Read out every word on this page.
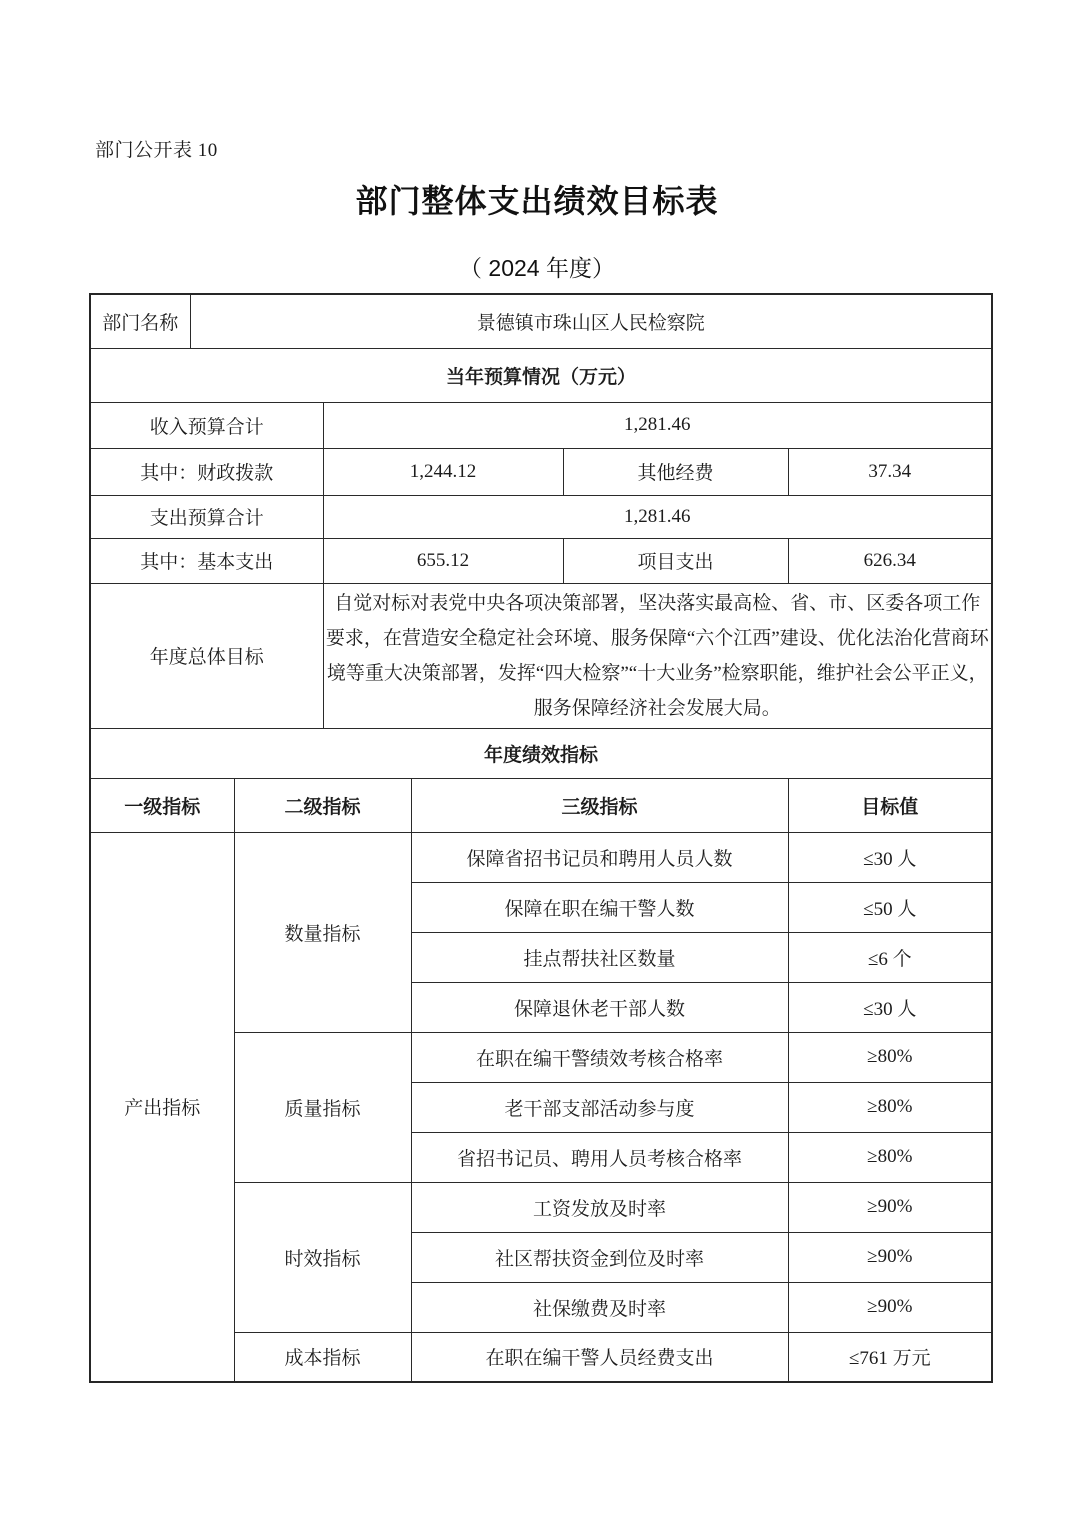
部门公开表 10
部门整体支出绩效目标表
（ 2024 年度）
部门名称	景德镇市珠山区人民检察院					
当年预算情况（万元）						
收入预算合计			1,281.46			
其中：财政拨款			1,244.12		其他经费	37.34
支出预算合计			1,281.46			
其中：基本支出			655.12		项目支出	626.34
年度总体目标			自觉对标对表党中央各项决策部署，坚决落实最高检、省、市、区委各项工作要求，在营造安全稳定社会环境、服务保障“六个江西”建设、优化法治化营商环境等重大决策部署，发挥“四大检察”“十大业务”检察职能，维护社会公平正义，服务保障经济社会发展大局。			
年度绩效指标						
一级指标		二级指标		三级指标		目标值
产出指标		数量指标		保障省招书记员和聘用人员人数		≤30 人
				保障在职在编干警人数		≤50 人
				挂点帮扶社区数量		≤6 个
				保障退休老干部人数		≤30 人
		质量指标		在职在编干警绩效考核合格率		≥80%
				老干部支部活动参与度		≥80%
				省招书记员、聘用人员考核合格率		≥80%
		时效指标		工资发放及时率		≥90%
				社区帮扶资金到位及时率		≥90%
				社保缴费及时率		≥90%
		成本指标		在职在编干警人员经费支出		≤761 万元
